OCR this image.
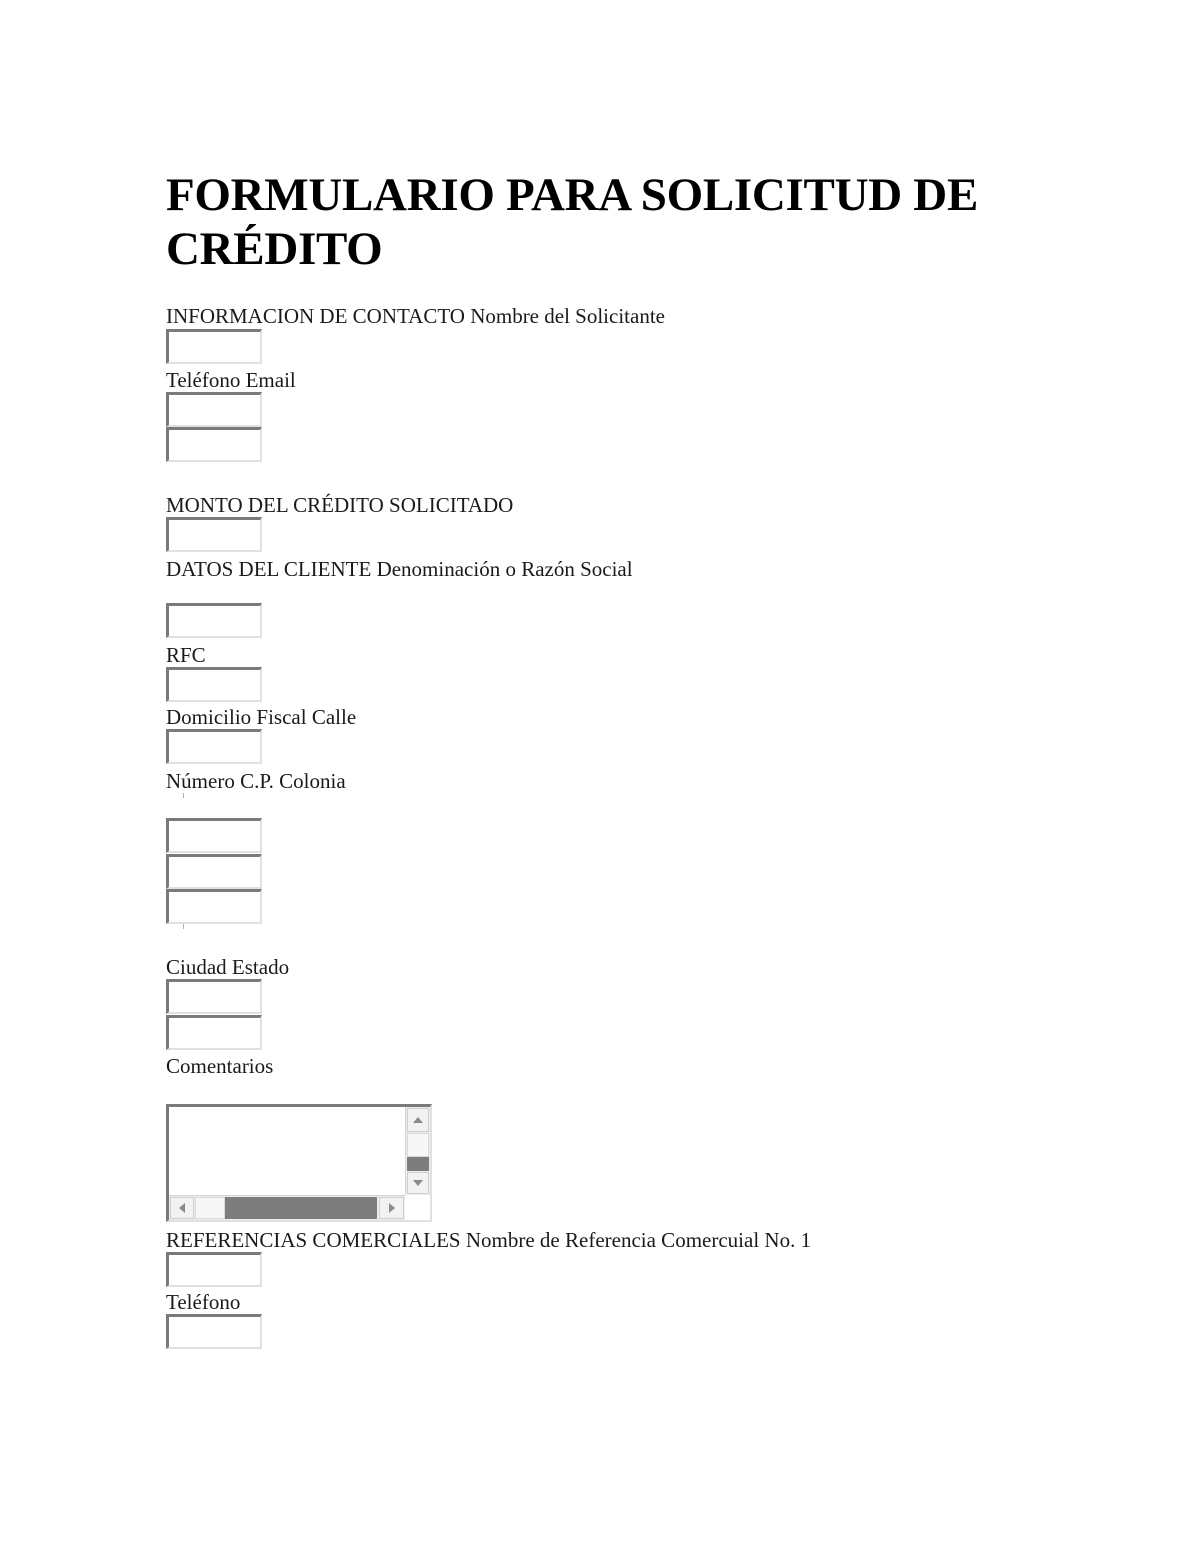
FORMULARIO PARA SOLICITUD DE CRÉDITO
INFORMACION DE CONTACTO Nombre del Solicitante
Teléfono Email
MONTO DEL CRÉDITO SOLICITADO
DATOS DEL CLIENTE Denominación o Razón Social
RFC
Domicilio Fiscal Calle
Número C.P. Colonia
Ciudad Estado
Comentarios
REFERENCIAS COMERCIALES Nombre de Referencia Comercuial No. 1
Teléfono
